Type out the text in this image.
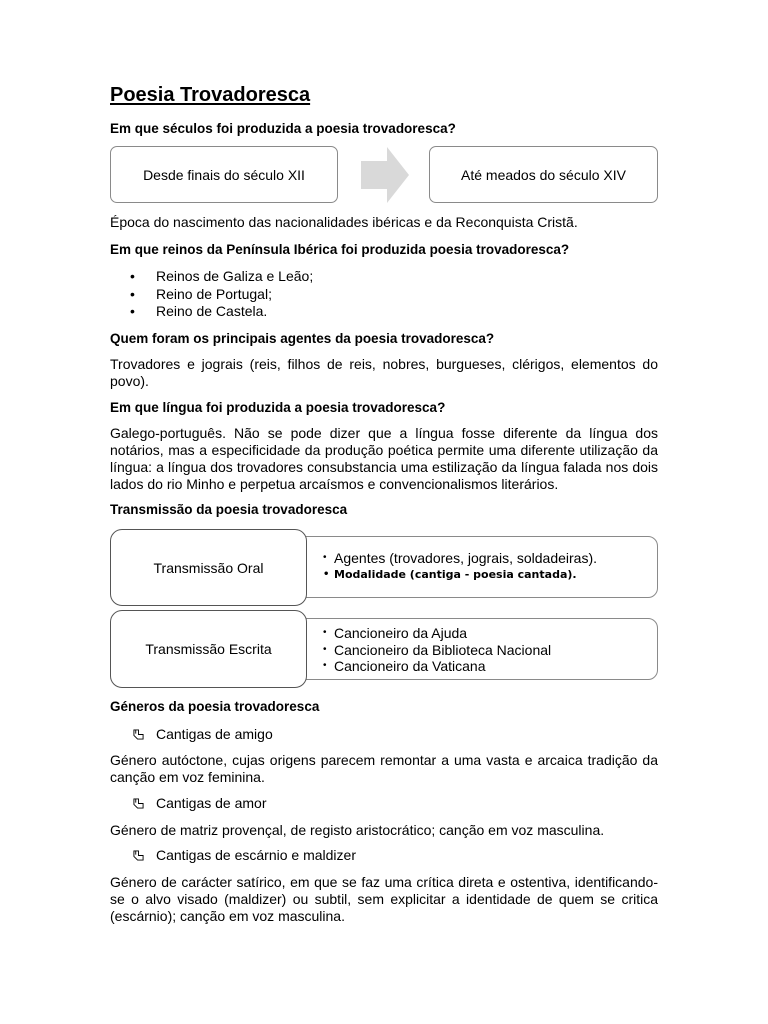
Poesia Trovadoresca
Em que séculos foi produzida a poesia trovadoresca?
Desde finais do século XII	Até meados do século XIV
Época do nascimento das nacionalidades ibéricas e da Reconquista Cristã.
Em que reinos da Península Ibérica foi produzida poesia trovadoresca?
• Reinos de Galiza e Leão;
• Reino de Portugal;
• Reino de Castela.
Quem foram os principais agentes da poesia trovadoresca?
Trovadores e jograis (reis, filhos de reis, nobres, burgueses, clérigos, elementos do povo).
Em que língua foi produzida a poesia trovadoresca?
Galego-português. Não se pode dizer que a língua fosse diferente da língua dos notários, mas a especificidade da produção poética permite uma diferente utilização da língua: a língua dos trovadores consubstancia uma estilização da língua falada nos dois lados do rio Minho e perpetua arcaísmos e convencionalismos literários.
Transmissão da poesia trovadoresca
• Agentes (trovadores, jograis, soldadeiras).
• Modalidade (cantiga - poesia cantada).
Transmissão Oral
• Cancioneiro da Ajuda
• Cancioneiro da Biblioteca Nacional
• Cancioneiro da Vaticana
Transmissão Escrita
Géneros da poesia trovadoresca
Cantigas de amigo
Género autóctone, cujas origens parecem remontar a uma vasta e arcaica tradição da canção em voz feminina.
Cantigas de amor
Género de matriz provençal, de registo aristocrático; canção em voz masculina.
Cantigas de escárnio e maldizer
Género de carácter satírico, em que se faz uma crítica direta e ostentiva, identificando-se o alvo visado (maldizer) ou subtil, sem explicitar a identidade de quem se critica (escárnio); canção em voz masculina.
